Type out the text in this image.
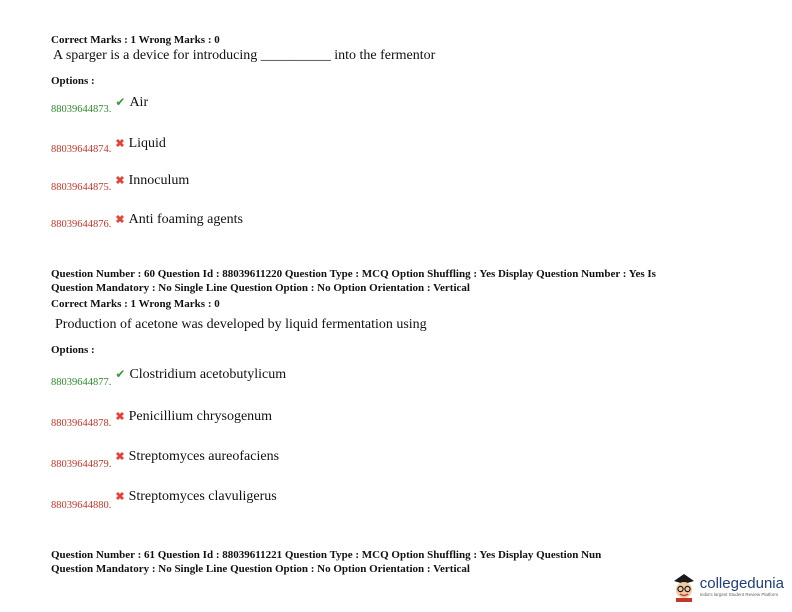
Correct Marks : 1 Wrong Marks : 0
A sparger is a device for introducing __________ into the fermentor
Options :
$_{88039644873.}$ ✔ Air
$_{88039644874.}$ ✖ Liquid
$_{88039644875.}$ ✖ Innoculum
$_{88039644876.}$ ✖ Anti foaming agents
Question Number : 60 Question Id : 88039611220 Question Type : MCQ Option Shuffling : Yes Display Question Number : Yes Is
Question Mandatory : No Single Line Question Option : No Option Orientation : Vertical
Correct Marks : 1 Wrong Marks : 0
Production of acetone was developed by liquid fermentation using
Options :
$_{88039644877.}$ ✔ Clostridium acetobutylicum
$_{88039644878.}$ ✖ Penicillium chrysogenum
$_{88039644879.}$ ✖ Streptomyces aureofaciens
$_{88039644880.}$ ✖ Streptomyces clavuligerus
Question Number : 61 Question Id : 88039611221 Question Type : MCQ Option Shuffling : Yes Display Question Nun
Question Mandatory : No Single Line Question Option : No Option Orientation : Vertical
collegedunia
India's largest Student Review Platform
